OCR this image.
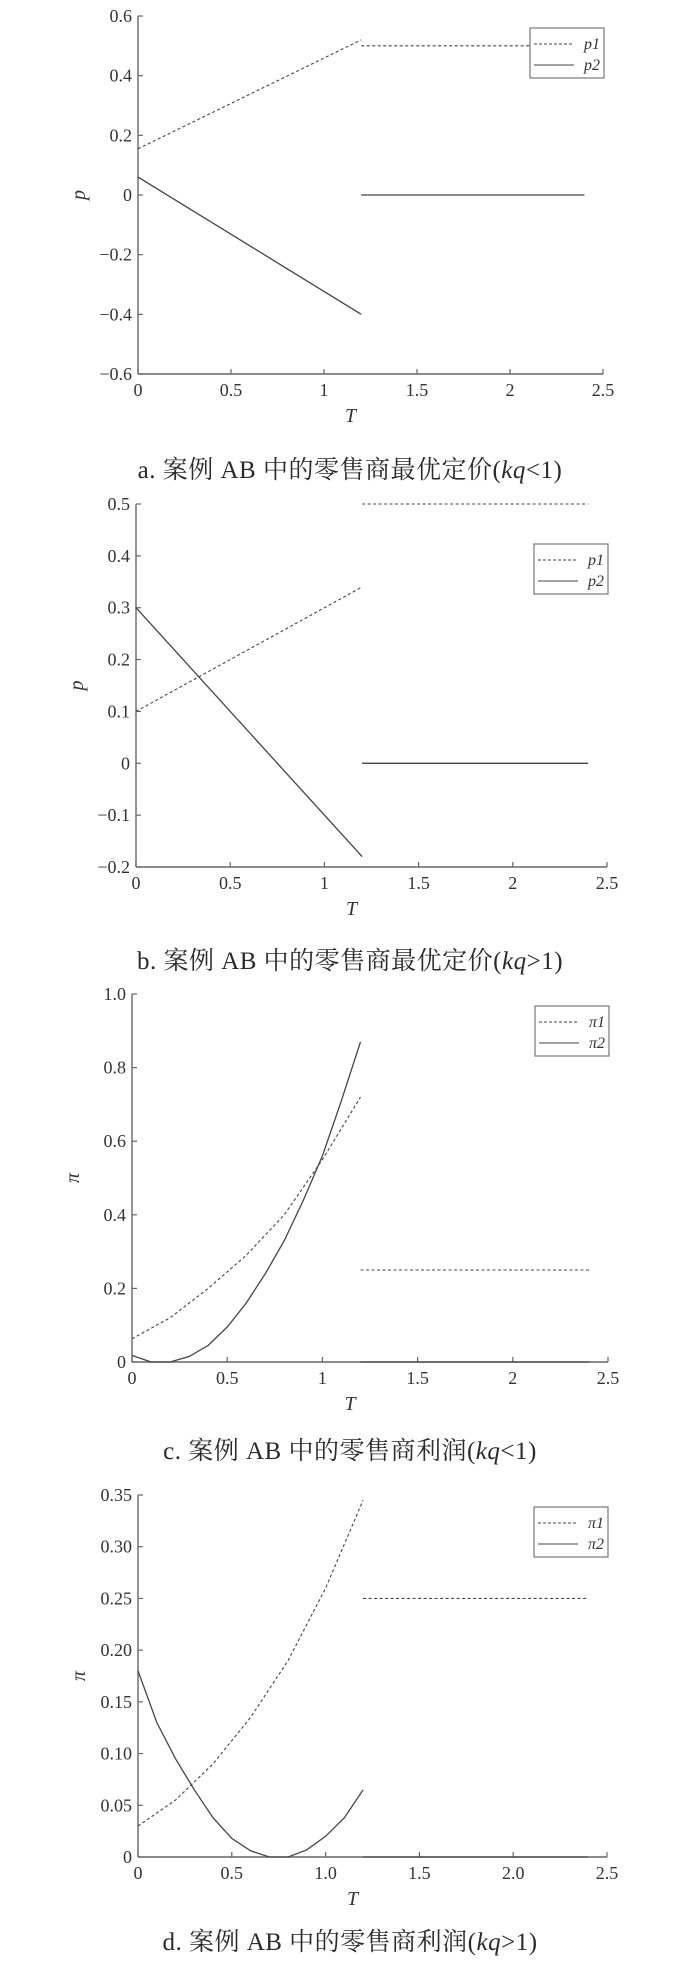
0	0.5	1	1.5	2	2.5
−0.6
−0.4
−0.2
0
0.2
0.4
0.6
T
p
p1
p2
a. 案例 AB 中的零售商最优定价(kq<1)
0	0.5	1	1.5	2	2.5
−0.2
−0.1
0
0.1
0.2
0.3
0.4
0.5
T
p
p1
p2
b. 案例 AB 中的零售商最优定价(kq>1)
0	0.5	1	1.5	2	2.5
0
0.2
0.4
0.6
0.8
1.0
T
π
π1
π2
c. 案例 AB 中的零售商利润(kq<1)
0	0.5	1.0	1.5	2.0	2.5
0
0.05
0.10
0.15
0.20
0.25
0.30
0.35
T
π
π1
π2
d. 案例 AB 中的零售商利润(kq>1)
